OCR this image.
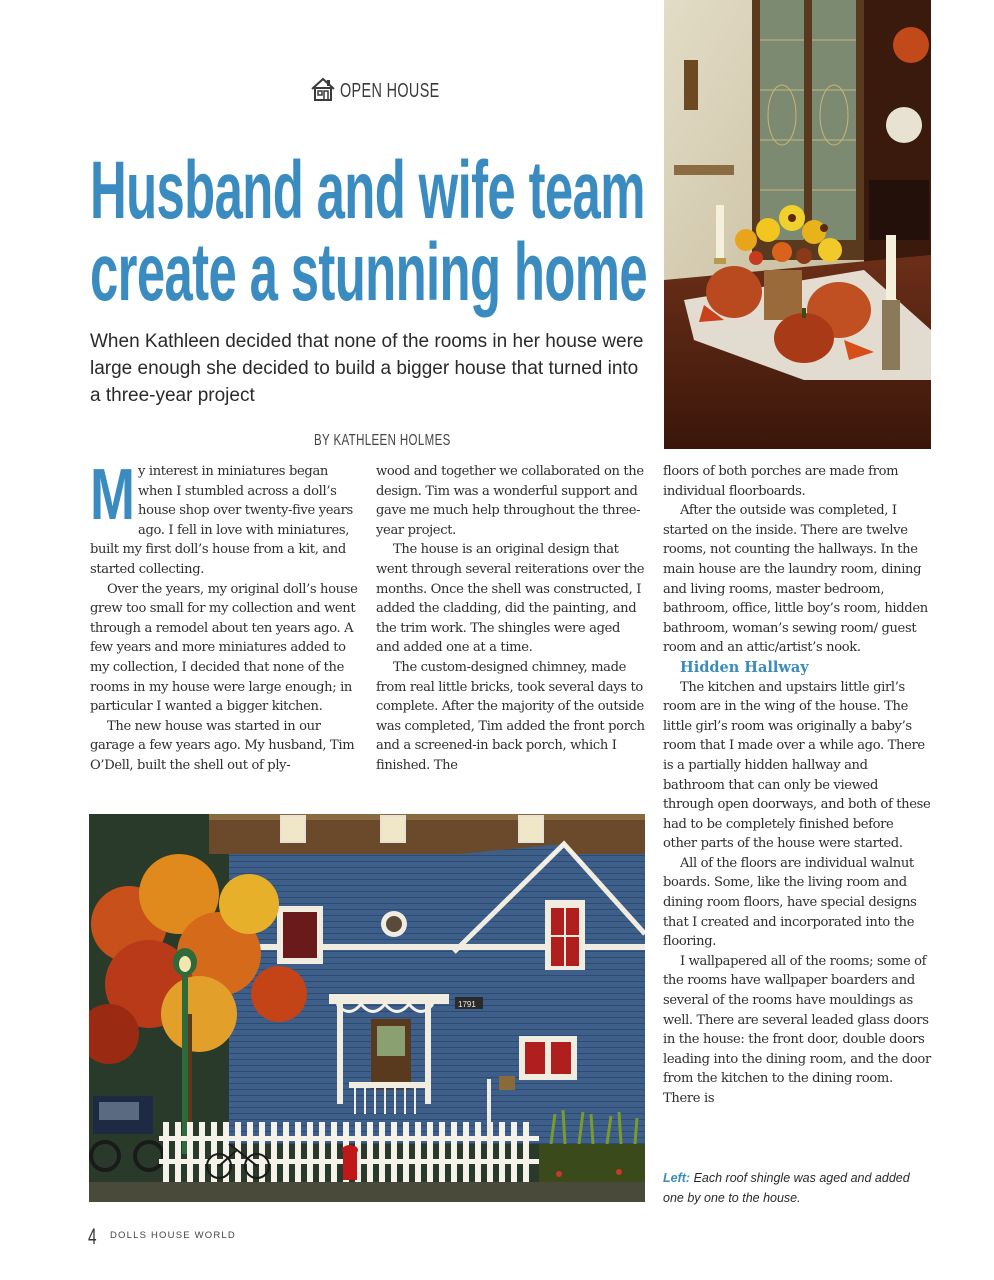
OPEN HOUSE
Husband and wife team
create a stunning home
When Kathleen decided that none of the rooms in her house were large enough she decided to build a bigger house that turned into a three-year project
BY KATHLEEN HOLMES

My interest in miniatures began when I stumbled across a doll’s house shop over twenty-five years ago. I fell in love with miniatures, built my first doll’s house from a kit, and started collecting.

Over the years, my original doll’s house grew too small for my collection and went through a remodel about ten years ago. A few years and more miniatures added to my collection, I decided that none of the rooms in my house were large enough; in particular I wanted a bigger kitchen.

The new house was started in our garage a few years ago. My husband, Tim O’Dell, built the shell out of ply-

wood and together we collaborated on the design. Tim was a wonderful support and gave me much help throughout the three-year project.

The house is an original design that went through several reiterations over the months. Once the shell was constructed, I added the cladding, did the painting, and the trim work. The shingles were aged and added one at a time.

The custom-designed chimney, made from real little bricks, took several days to complete. After the majority of the outside was completed, Tim added the front porch and a screened-in back porch, which I finished. The

floors of both porches are made from individual floorboards.

After the outside was completed, I started on the inside. There are twelve rooms, not counting the hallways. In the main house are the laundry room, dining and living rooms, master bedroom, bathroom, office, little boy’s room, hidden bathroom, woman’s sewing room/ guest room and an attic/artist’s nook.

Hidden Hallway

The kitchen and upstairs little girl’s room are in the wing of the house. The little girl’s room was originally a baby’s room that I made over a while ago. There is a partially hidden hallway and bathroom that can only be viewed through open doorways, and both of these had to be completely finished before other parts of the house were started.

All of the floors are individual walnut boards. Some, like the living room and dining room floors, have special designs that I created and incorporated into the flooring.

I wallpapered all of the rooms; some of the rooms have wallpaper boarders and several of the rooms have mouldings as well. There are several leaded glass doors in the house: the front door, double doors leading into the dining room, and the door from the kitchen to the dining room. There is

Left: Each roof shingle was aged and added one by one to the house.
4 DOLLS HOUSE WORLD
1791
